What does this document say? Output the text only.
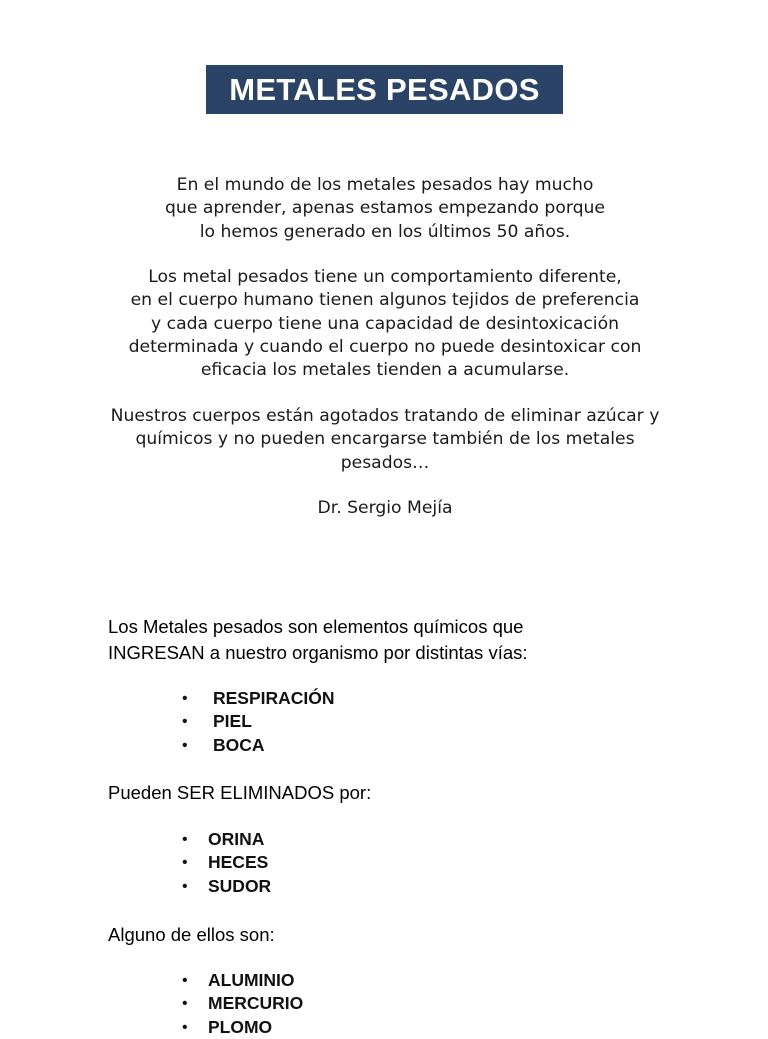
METALES PESADOS

En el mundo de los metales pesados hay mucho
que aprender, apenas estamos empezando porque
lo hemos generado en los últimos 50 años.

Los metal pesados tiene un comportamiento diferente,
en el cuerpo humano tienen algunos tejidos de preferencia
y cada cuerpo tiene una capacidad de desintoxicación
determinada y cuando el cuerpo no puede desintoxicar con
eficacia los metales tienden a acumularse.

Nuestros cuerpos están agotados tratando de eliminar azúcar y
químicos y no pueden encargarse también de los metales
pesados…

Dr. Sergio Mejía

Los Metales pesados son elementos químicos que
INGRESAN a nuestro organismo por distintas vías:

• RESPIRACIÓN
• PIEL
• BOCA

Pueden SER ELIMINADOS por:

• ORINA
• HECES
• SUDOR

Alguno de ellos son:

• ALUMINIO
• MERCURIO
• PLOMO
